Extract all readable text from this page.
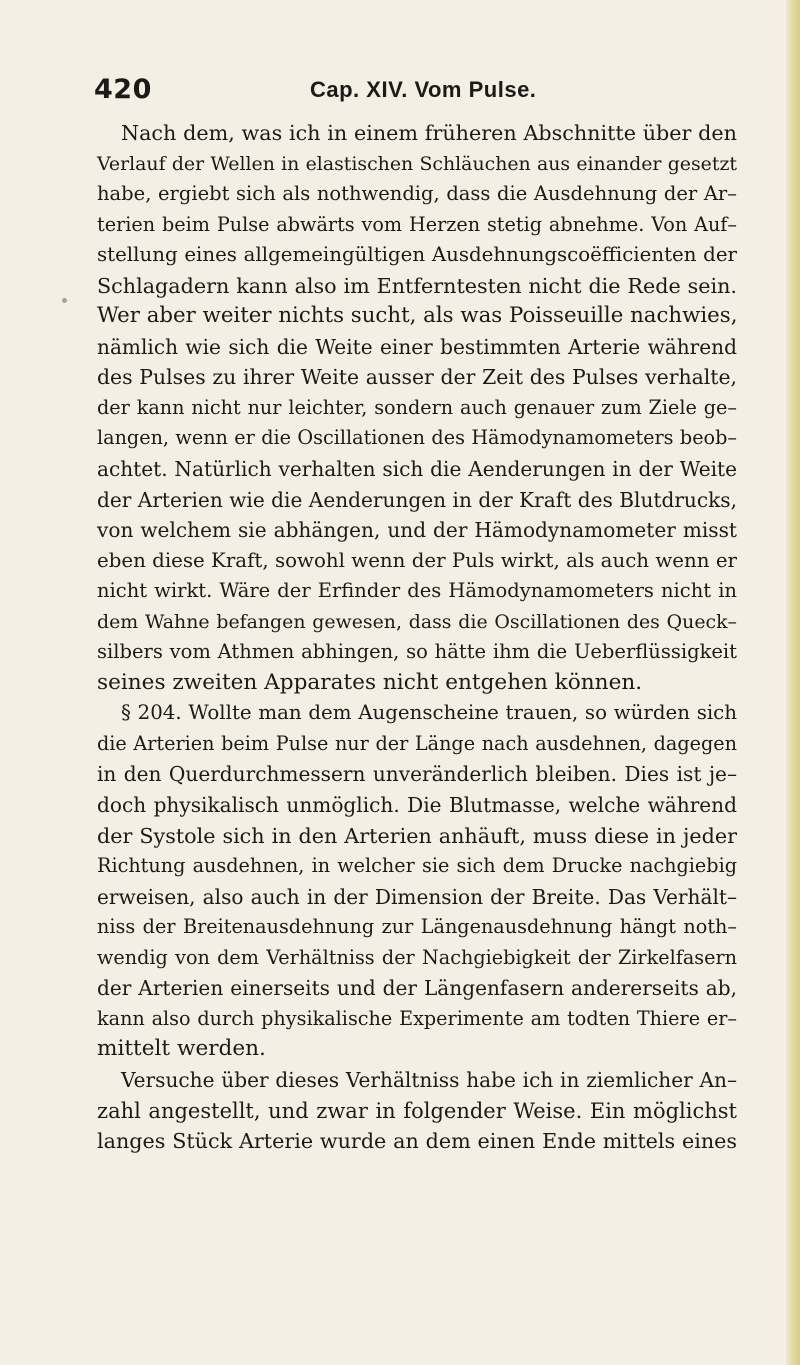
420	Cap. XIV. Vom Pulse.
Nach dem, was ich in einem früheren Abschnitte über den
Verlauf der Wellen in elastischen Schläuchen aus einander gesetzt
habe, ergiebt sich als nothwendig, dass die Ausdehnung der Ar–
terien beim Pulse abwärts vom Herzen stetig abnehme. Von Auf–
stellung eines allgemeingültigen Ausdehnungscoëfficienten der
Schlagadern kann also im Entferntesten nicht die Rede sein.
Wer aber weiter nichts sucht, als was Poisseuille nachwies,
nämlich wie sich die Weite einer bestimmten Arterie während
des Pulses zu ihrer Weite ausser der Zeit des Pulses verhalte,
der kann nicht nur leichter, sondern auch genauer zum Ziele ge–
langen, wenn er die Oscillationen des Hämodynamometers beob–
achtet. Natürlich verhalten sich die Aenderungen in der Weite
der Arterien wie die Aenderungen in der Kraft des Blutdrucks,
von welchem sie abhängen, und der Hämodynamometer misst
eben diese Kraft, sowohl wenn der Puls wirkt, als auch wenn er
nicht wirkt. Wäre der Erfinder des Hämodynamometers nicht in
dem Wahne befangen gewesen, dass die Oscillationen des Queck–
silbers vom Athmen abhingen, so hätte ihm die Ueberflüssigkeit
seines zweiten Apparates nicht entgehen können.
§ 204. Wollte man dem Augenscheine trauen, so würden sich
die Arterien beim Pulse nur der Länge nach ausdehnen, dagegen
in den Querdurchmessern unveränderlich bleiben. Dies ist je–
doch physikalisch unmöglich. Die Blutmasse, welche während
der Systole sich in den Arterien anhäuft, muss diese in jeder
Richtung ausdehnen, in welcher sie sich dem Drucke nachgiebig
erweisen, also auch in der Dimension der Breite. Das Verhält–
niss der Breitenausdehnung zur Längenausdehnung hängt noth–
wendig von dem Verhältniss der Nachgiebigkeit der Zirkelfasern
der Arterien einerseits und der Längenfasern andererseits ab,
kann also durch physikalische Experimente am todten Thiere er–
mittelt werden.
Versuche über dieses Verhältniss habe ich in ziemlicher An–
zahl angestellt, und zwar in folgender Weise. Ein möglichst
langes Stück Arterie wurde an dem einen Ende mittels eines
